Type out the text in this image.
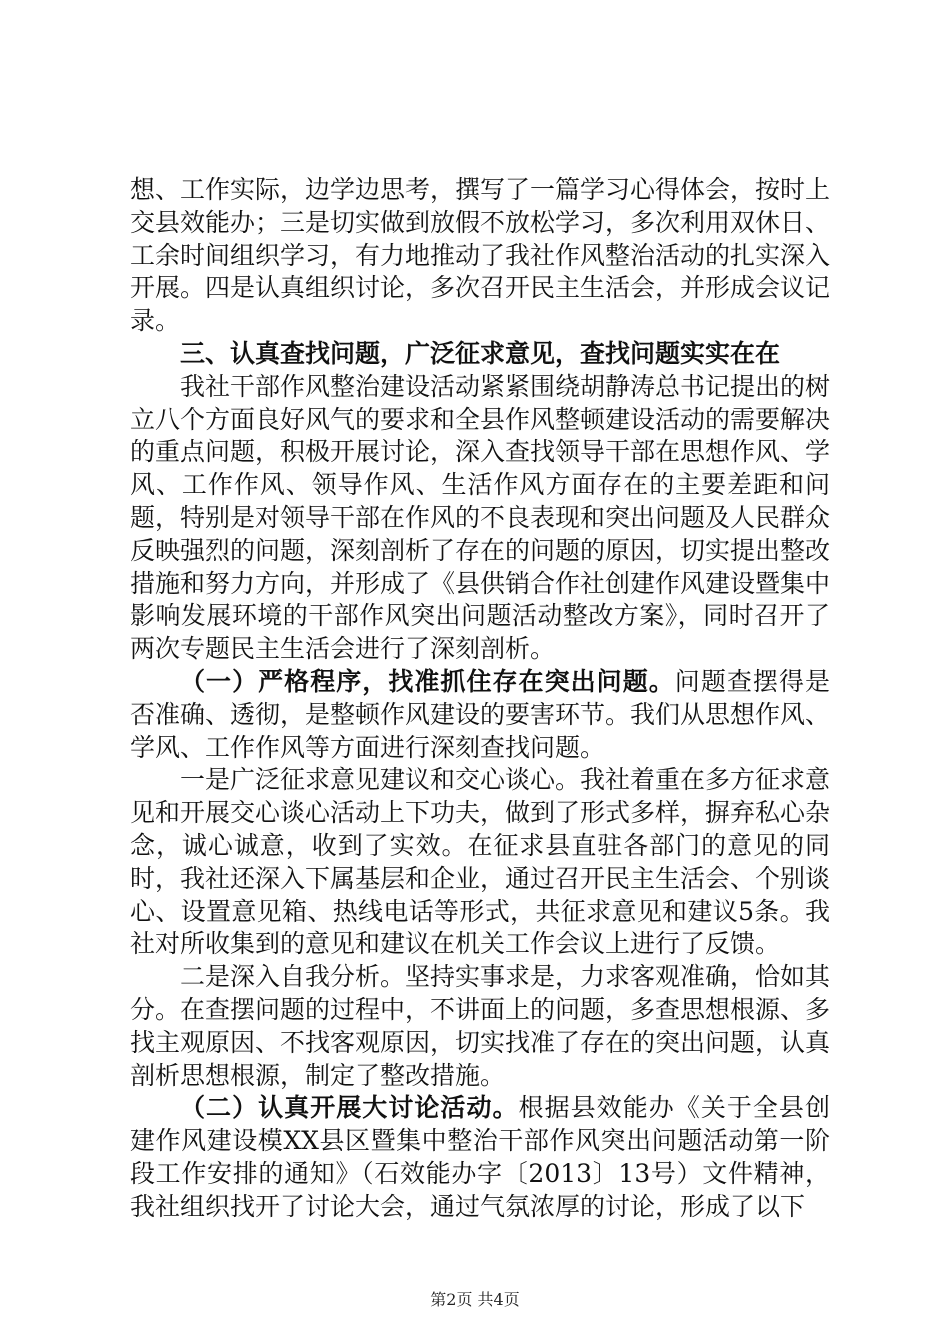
想、工作实际，边学边思考，撰写了一篇学习心得体会，按时上交县效能办；三是切实做到放假不放松学习，多次利用双休日、工余时间组织学习，有力地推动了我社作风整治活动的扎实深入开展。四是认真组织讨论，多次召开民主生活会，并形成会议记录。

三、认真查找问题，广泛征求意见，查找问题实实在在

我社干部作风整治建设活动紧紧围绕胡静涛总书记提出的树立八个方面良好风气的要求和全县作风整顿建设活动的需要解决的重点问题，积极开展讨论，深入查找领导干部在思想作风、学风、工作作风、领导作风、生活作风方面存在的主要差距和问题，特别是对领导干部在作风的不良表现和突出问题及人民群众反映强烈的问题，深刻剖析了存在的问题的原因，切实提出整改措施和努力方向，并形成了《县供销合作社创建作风建设暨集中影响发展环境的干部作风突出问题活动整改方案》，同时召开了两次专题民主生活会进行了深刻剖析。

（一）严格程序，找准抓住存在突出问题。问题查摆得是否准确、透彻，是整顿作风建设的要害环节。我们从思想作风、学风、工作作风等方面进行深刻查找问题。

一是广泛征求意见建议和交心谈心。我社着重在多方征求意见和开展交心谈心活动上下功夫，做到了形式多样，摒弃私心杂念，诚心诚意，收到了实效。在征求县直驻各部门的意见的同时，我社还深入下属基层和企业，通过召开民主生活会、个别谈心、设置意见箱、热线电话等形式，共征求意见和建议5条。我社对所收集到的意见和建议在机关工作会议上进行了反馈。

二是深入自我分析。坚持实事求是，力求客观准确，恰如其分。在查摆问题的过程中，不讲面上的问题，多查思想根源、多找主观原因、不找客观原因，切实找准了存在的突出问题，认真剖析思想根源，制定了整改措施。

（二）认真开展大讨论活动。根据县效能办《关于全县创建作风建设模XX县区暨集中整治干部作风突出问题活动第一阶段工作安排的通知》（石效能办字〔2013〕13号）文件精神，我社组织找开了讨论大会，通过气氛浓厚的讨论，形成了以下

第2页 共4页
